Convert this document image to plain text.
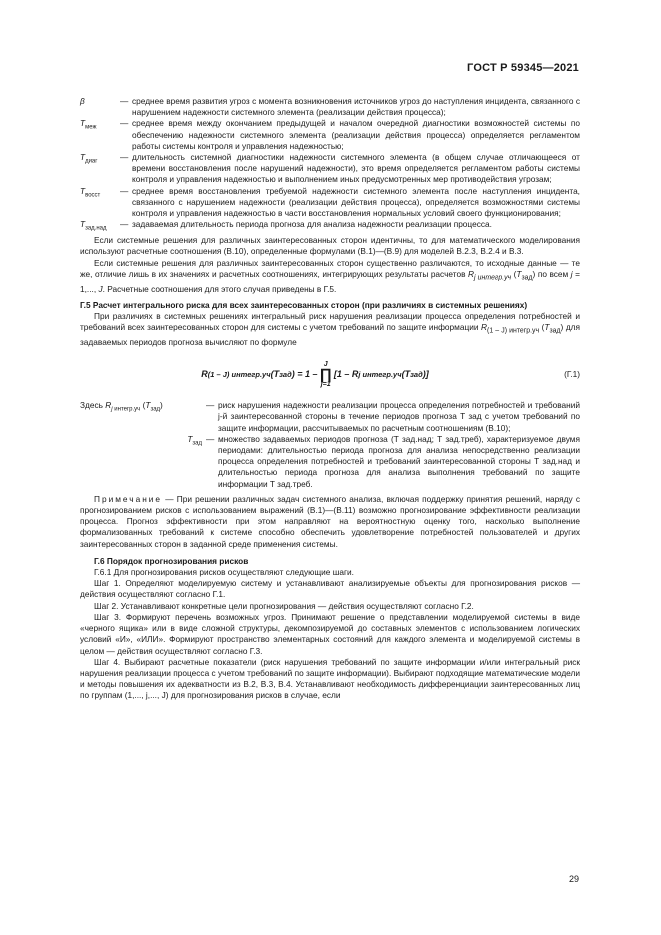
ГОСТ Р 59345—2021
β	— среднее время развития угроз с момента возникновения источников угроз до наступления инцидента, связанного с нарушением надежности системного элемента (реализации действия процесса);
$T_{меж}$	— среднее время между окончанием предыдущей и началом очередной диагностики возможностей системы по обеспечению надежности системного элемента (реализации действия процесса) определяется регламентом работы системы контроля и управления надежностью;
$T_{диаг}$	— длительность системной диагностики надежности системного элемента (в общем случае отличающееся от времени восстановления после нарушений надежности), это время определяется регламентом работы системы контроля и управления надежностью и выполнением иных предусмотренных мер противодействия угрозам;
$T_{восст}$	— среднее время восстановления требуемой надежности системного элемента после наступления инцидента, связанного с нарушением надежности (реализации действия процесса), определяется возможностями системы контроля и управления надежностью в части восстановления нормальных условий своего функционирования;
$T_{зад.над}$	— задаваемая длительность периода прогноза для анализа надежности реализации процесса.

Если системные решения для различных заинтересованных сторон идентичны, то для математического моделирования используют расчетные соотношения (В.10), определенные формулами (В.1)—(В.9) для моделей В.2.3, В.2.4 и В.3.

Если системные решения для различных заинтересованных сторон существенно различаются, то исходные данные — те же, отличие лишь в их значениях и расчетных соотношениях, интегрирующих результаты расчетов $R_{j интегр.уч}$ $(T_{зад})$ по всем j = 1,..., J. Расчетные соотношения для этого случая приведены в Г.5.

Г.5 Расчет интегрального риска для всех заинтересованных сторон (при различиях в системных решениях)

При различиях в системных решениях интегральный риск нарушения реализации процесса определения потребностей и требований всех заинтересованных сторон для системы с учетом требований по защите информации $R_{(1 - J) интегр.уч}$ $(T_{зад})$ для задаваемых периодов прогноза вычисляют по формуле

R (1 – J) интегр.уч (T зад ) = 1 –
J
∏
j=1
[1 – R j интегр.уч (T зад )]	(Г.1)
Здесь $R_{j интегр.уч}$ $(T_{зад})$	— риск нарушения надежности реализации процесса определения потребностей и требований j-й заинтересованной стороны в течение периодов прогноза T зад с учетом требований по защите информации, рассчитываемых по расчетным соотношениям (В.10);
$T_{зад}$ — множество задаваемых периодов прогноза (T зад.над; T зад.треб), характеризуемое двумя периодами: длительностью периода прогноза для анализа непосредственно реализации процесса определения потребностей и требований заинтересованной стороны T зад.над и длительностью периода прогноза для анализа выполнения требований по защите информации T зад.треб.

Примечание — При решении различных задач системного анализа, включая поддержку принятия решений, наряду с прогнозированием рисков с использованием выражений (В.1)—(В.11) возможно прогнозирование эффективности реализации процесса. Прогноз эффективности при этом направляют на вероятностную оценку того, насколько выполнение формализованных требований к системе способно обеспечить удовлетворение потребностей пользователей и других заинтересованных сторон в заданной среде применения системы.

Г.6 Порядок прогнозирования рисков

Г.6.1 Для прогнозирования рисков осуществляют следующие шаги.

Шаг 1. Определяют моделируемую систему и устанавливают анализируемые объекты для прогнозирования рисков — действия осуществляют согласно Г.1.

Шаг 2. Устанавливают конкретные цели прогнозирования — действия осуществляют согласно Г.2.

Шаг 3. Формируют перечень возможных угроз. Принимают решение о представлении моделируемой системы в виде «черного ящика» или в виде сложной структуры, декомпозируемой до составных элементов с использованием логических условий «И», «ИЛИ». Формируют пространство элементарных состояний для каждого элемента и моделируемой системы в целом — действия осуществляют согласно Г.3.

Шаг 4. Выбирают расчетные показатели (риск нарушения требований по защите информации и/или интегральный риск нарушения реализации процесса с учетом требований по защите информации). Выбирают подходящие математические модели и методы повышения их адекватности из В.2, В.3, В.4. Устанавливают необходимость дифференциации заинтересованных лиц по группам (1,..., j,..., J) для прогнозирования рисков в случае, если

29
